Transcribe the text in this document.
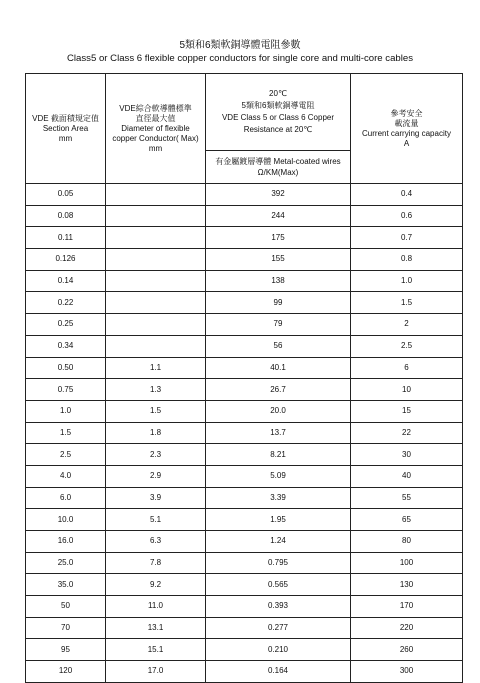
5類和6類軟銅導體電阻參數
Class5 or Class 6 flexible copper conductors for single core and multi-core cables
VDE 截面積規定值
Section Area
mm	VDE綜合軟導體標準
直徑最大值
Diameter of flexible
copper Conductor( Max)
mm	20℃
5類和6類軟銅導電阻
VDE Class 5 or Class 6 Copper
Resistance at 20℃	參考安全
載流量
Current carrying capacity
A

		有金屬鍍層導體 Metal-coated wires
Ω/KM(Max)	

0.05		392	0.4
0.08		244	0.6
0.11		175	0.7
0.126		155	0.8
0.14		138	1.0
0.22		99	1.5
0.25		79	2
0.34		56	2.5
0.50	1.1	40.1	6
0.75	1.3	26.7	10
1.0	1.5	20.0	15
1.5	1.8	13.7	22
2.5	2.3	8.21	30
4.0	2.9	5.09	40
6.0	3.9	3.39	55
10.0	5.1	1.95	65
16.0	6.3	1.24	80
25.0	7.8	0.795	100
35.0	9.2	0.565	130
50	11.0	0.393	170
70	13.1	0.277	220
95	15.1	0.210	260
120	17.0	0.164	300
